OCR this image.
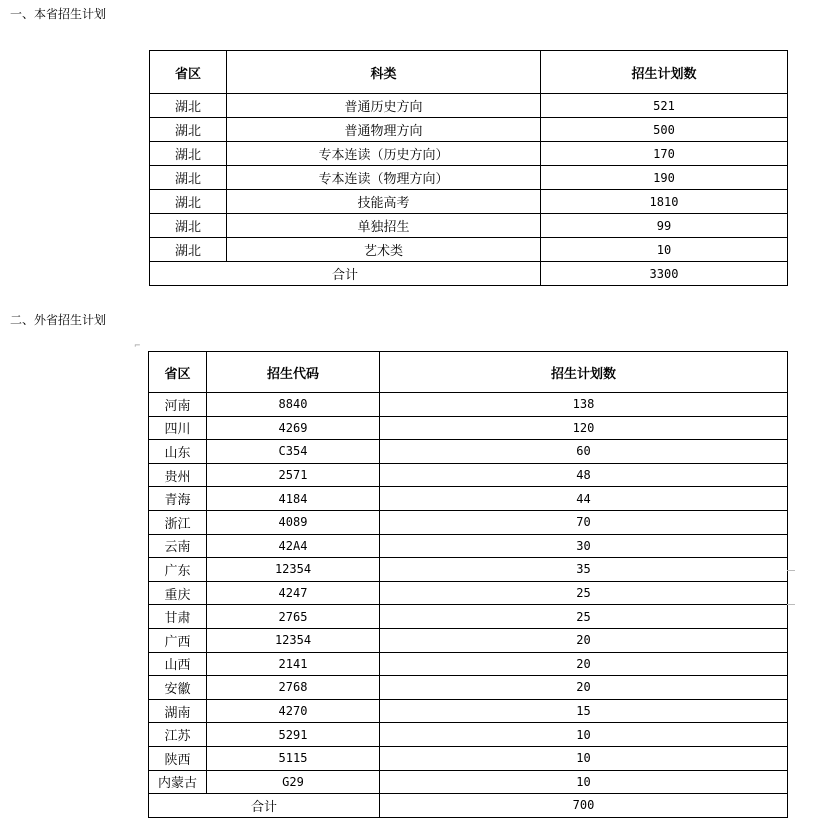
一、本省招生计划
省区	科类	招生计划数
湖北	普通历史方向	521
湖北	普通物理方向	500
湖北	专本连读（历史方向）	170
湖北	专本连读（物理方向）	190
湖北	技能高考	1810
湖北	单独招生	99
湖北	艺术类	10
合计		3300
二、外省招生计划
⌐
省区	招生代码	招生计划数
河南	8840	138
四川	4269	120
山东	C354	60
贵州	2571	48
青海	4184	44
浙江	4089	70
云南	42A4	30
广东	12354	35
重庆	4247	25
甘肃	2765	25
广西	12354	20
山西	2141	20
安徽	2768	20
湖南	4270	15
江苏	5291	10
陕西	5115	10
内蒙古	G29	10
合计		700
